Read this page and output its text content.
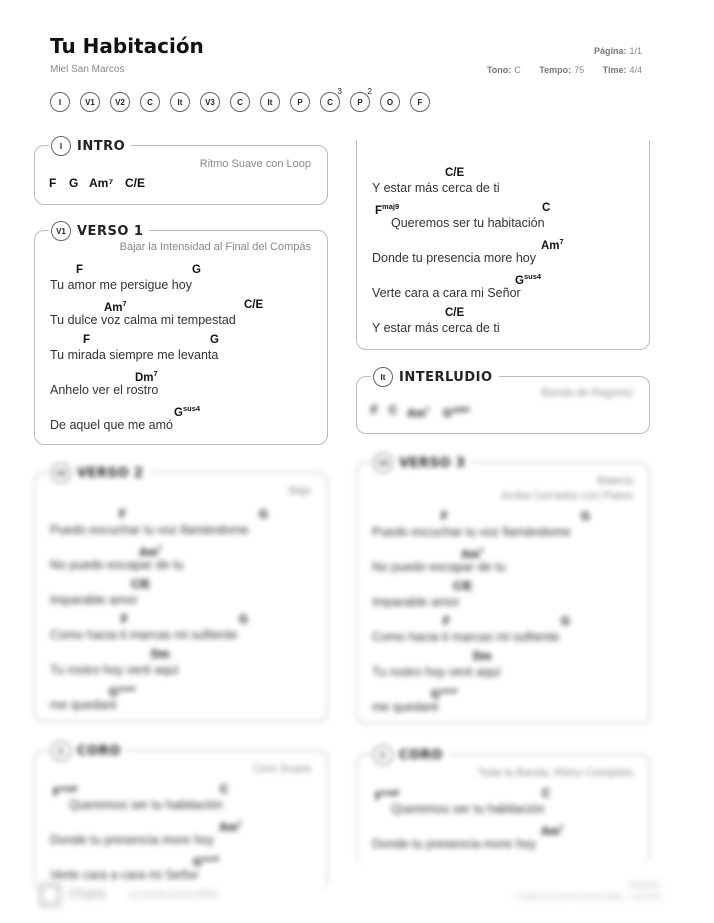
Tu Habitación
Miel San Marcos
Página: 1/1
Tono: C Tempo: 75 Time: 4/4
I	V1	V2	C	It	V3	C	It	P	C
3
P
2
O	F
I	INTRO
Ritmo Suave con Loop
F G Am⁷ C/E
V1 VERSO 1
Bajar la Intensidad al Final del Compás
F	G
Tu amor me persigue hoy
Am$^7$	C/E
Tu dulce voz calma mi tempestad
F	G
Tu mirada siempre me levanta
Dm$^7$
Anhelo ver el rostro
$G^{sus4}$
De aquel que me amó
C/E
Y estar más cerca de ti
$F^{maj9}$	C
Queremos ser tu habitación
Am$^7$
Donde tu presencia more hoy
$G^{sus4}$
Verte cara a cara mi Señor
C/E
Y estar más cerca de ti
It	INTERLUDIO
Banda de Regreso
F C Am$^7$ $G^{add4}$
V2 VERSO 2
Bajo
F	G
Puedo escuchar tu voz llamándome
Am$^7$
No puedo escapar de tu
C/E
Imparable amor
F	G
Como hacia ti marcas mi sufiiente
Dm
Tu rostro hoy veré aquí
$G^{sus4}$
me quedaré
V3 VERSO 3
Batería
Arriba Cerrados con Platos
F	G
Puedo escuchar tu voz llamándome
Am$^7$
No puedo escapar de tu
C/E
Imparable amor
F	G
Como hacia ti marcas mi sufiiente
Dm
Tu rostro hoy veré aquí
$G^{sus4}$
me quedaré
C	CORO
Coro Suave
$F^{maj9}$	C
Queremos ser tu habitación
Am$^7$
Donde tu presencia more hoy
$G^{sus4}$
Verte cara a cara mi Señor
C	CORO
Toda la Banda, Ritmo Completo
$F^{maj9}$	C
Queremos ser tu habitación
Am$^7$
Donde tu presencia more hoy
Charts	ccli chords-license 00000
Songbook
© Todos los Derechos Reservados · 1 de 2019
